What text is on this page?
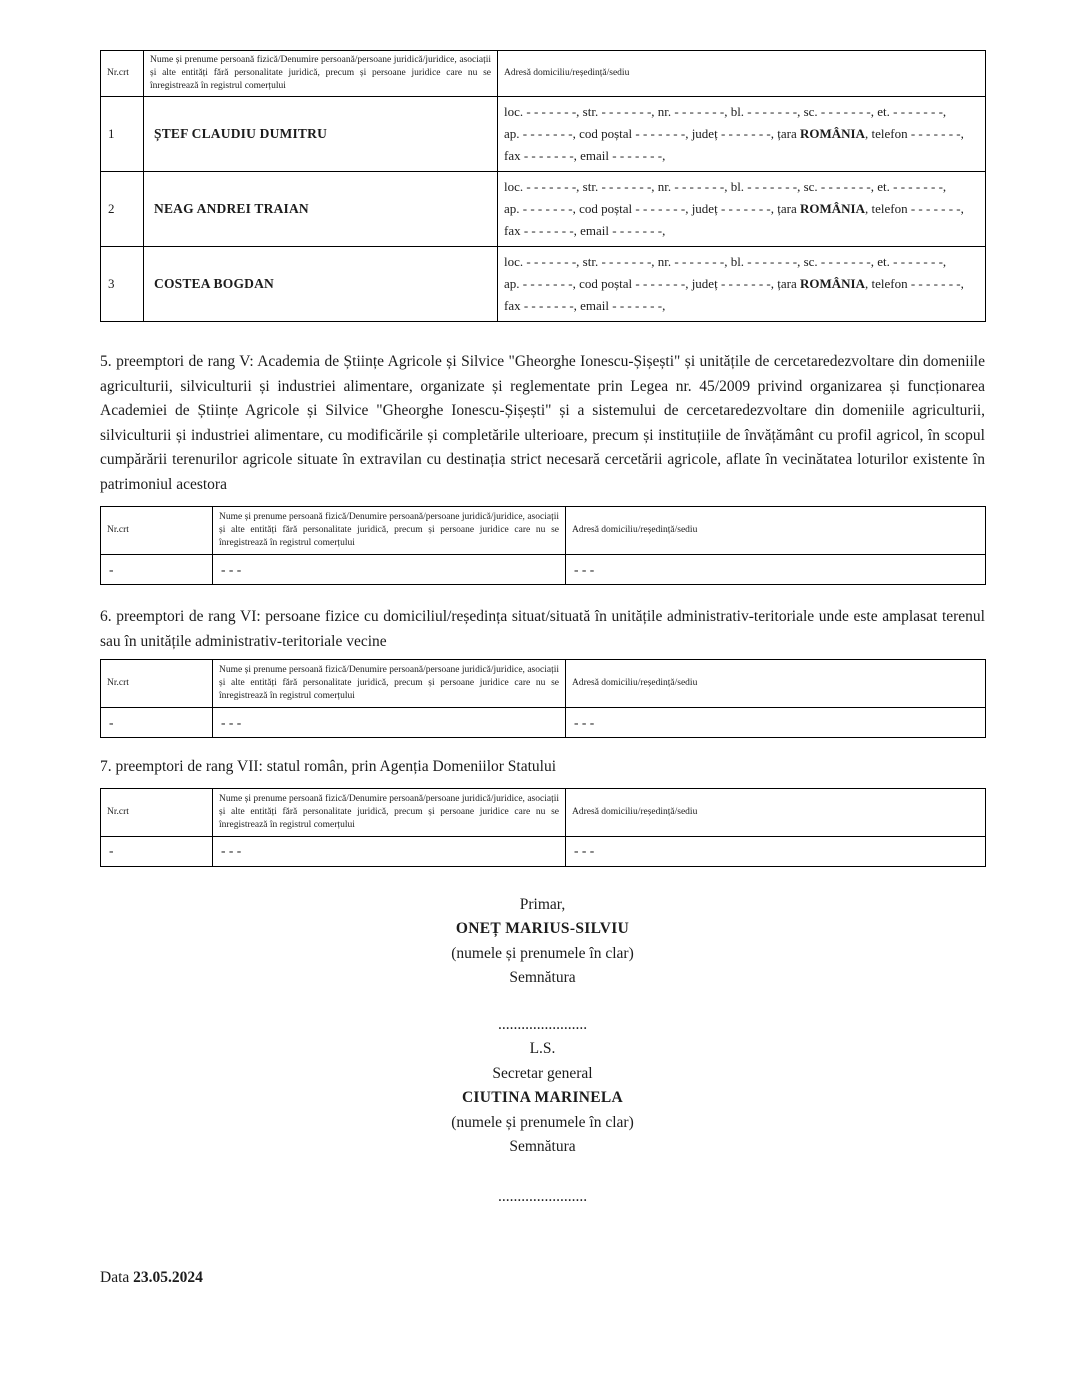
Nr.crt	Nume și prenume persoană fizică/Denumire persoană/persoane juridică/juridice, asociații și alte entități fără personalitate juridică, precum și persoane juridice care nu se înregistrează în registrul comerțului	Adresă domiciliu/reședință/sediu
1	ȘTEF CLAUDIU DUMITRU	loc. - - - - - - -, str. - - - - - - -, nr. - - - - - - -, bl. - - - - - - -, sc. - - - - - - -, et. - - - - - - -,
ap. - - - - - - -, cod poștal - - - - - - -, județ - - - - - - -, țara ROMÂNIA, telefon - - - - - - -,
fax - - - - - - -, email - - - - - - -,
2	NEAG ANDREI TRAIAN	loc. - - - - - - -, str. - - - - - - -, nr. - - - - - - -, bl. - - - - - - -, sc. - - - - - - -, et. - - - - - - -,
ap. - - - - - - -, cod poștal - - - - - - -, județ - - - - - - -, țara ROMÂNIA, telefon - - - - - - -,
fax - - - - - - -, email - - - - - - -,
3	COSTEA BOGDAN	loc. - - - - - - -, str. - - - - - - -, nr. - - - - - - -, bl. - - - - - - -, sc. - - - - - - -, et. - - - - - - -,
ap. - - - - - - -, cod poștal - - - - - - -, județ - - - - - - -, țara ROMÂNIA, telefon - - - - - - -,
fax - - - - - - -, email - - - - - - -,
5. preemptori de rang V: Academia de Științe Agricole și Silvice "Gheorghe Ionescu-Șișești" și unitățile de cercetaredezvoltare din domeniile agriculturii, silviculturii și industriei alimentare, organizate și reglementate prin Legea nr. 45/2009 privind organizarea și funcționarea Academiei de Științe Agricole și Silvice "Gheorghe Ionescu-Șișești" și a sistemului de cercetaredezvoltare din domeniile agriculturii, silviculturii și industriei alimentare, cu modificările și completările ulterioare, precum și instituțiile de învățământ cu profil agricol, în scopul cumpărării terenurilor agricole situate în extravilan cu destinația strict necesară cercetării agricole, aflate în vecinătatea loturilor existente în patrimoniul acestora
Nr.crt	Nume și prenume persoană fizică/Denumire persoană/persoane juridică/juridice, asociații și alte entități fără personalitate juridică, precum și persoane juridice care nu se înregistrează în registrul comerțului	Adresă domiciliu/reședință/sediu
-	- - -	- - -
6. preemptori de rang VI: persoane fizice cu domiciliul/reședința situat/situată în unitățile administrativ-teritoriale unde este amplasat terenul sau în unitățile administrativ-teritoriale vecine
Nr.crt	Nume și prenume persoană fizică/Denumire persoană/persoane juridică/juridice, asociații și alte entități fără personalitate juridică, precum și persoane juridice care nu se înregistrează în registrul comerțului	Adresă domiciliu/reședință/sediu
-	- - -	- - -
7. preemptori de rang VII: statul român, prin Agenția Domeniilor Statului
Nr.crt	Nume și prenume persoană fizică/Denumire persoană/persoane juridică/juridice, asociații și alte entități fără personalitate juridică, precum și persoane juridice care nu se înregistrează în registrul comerțului	Adresă domiciliu/reședință/sediu
-	- - -	- - -
Primar,
ONEȚ MARIUS-SILVIU
(numele și prenumele în clar)
Semnătura
.......................
L.S.
Secretar general
CIUTINA MARINELA
(numele și prenumele în clar)
Semnătura
.......................
Data 23.05.2024
